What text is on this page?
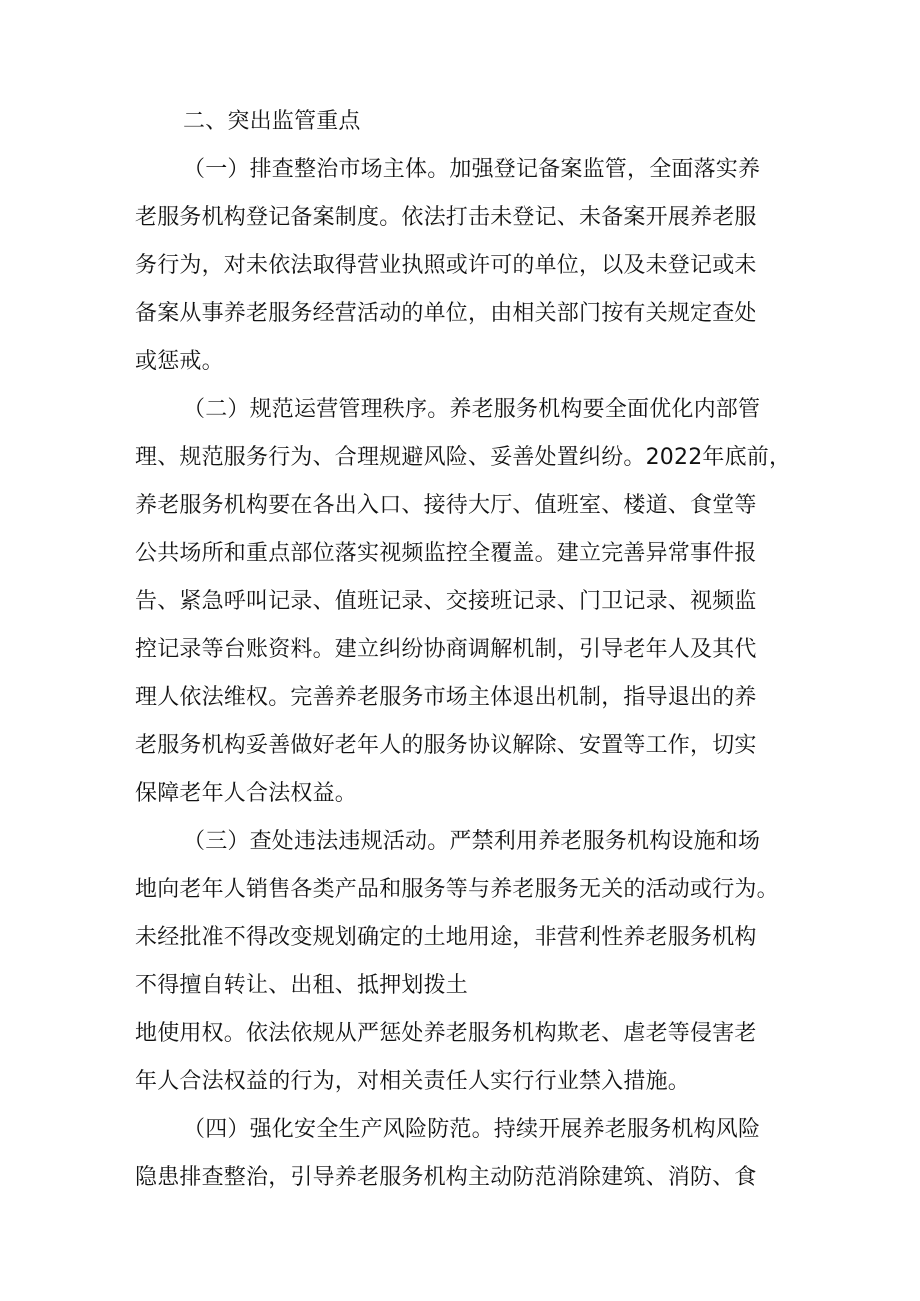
二、突出监管重点
（一）排查整治市场主体。加强登记备案监管，全面落实养
老服务机构登记备案制度。依法打击未登记、未备案开展养老服
务行为，对未依法取得营业执照或许可的单位，以及未登记或未
备案从事养老服务经营活动的单位，由相关部门按有关规定查处
或惩戒。
（二）规范运营管理秩序。养老服务机构要全面优化内部管
理、规范服务行为、合理规避风险、妥善处置纠纷。2022年底前，
养老服务机构要在各出入口、接待大厅、值班室、楼道、食堂等
公共场所和重点部位落实视频监控全覆盖。建立完善异常事件报
告、紧急呼叫记录、值班记录、交接班记录、门卫记录、视频监
控记录等台账资料。建立纠纷协商调解机制，引导老年人及其代
理人依法维权。完善养老服务市场主体退出机制，指导退出的养
老服务机构妥善做好老年人的服务协议解除、安置等工作，切实
保障老年人合法权益。
（三）查处违法违规活动。严禁利用养老服务机构设施和场
地向老年人销售各类产品和服务等与养老服务无关的活动或行为。
未经批准不得改变规划确定的土地用途，非营利性养老服务机构
不得擅自转让、出租、抵押划拨土
地使用权。依法依规从严惩处养老服务机构欺老、虐老等侵害老
年人合法权益的行为，对相关责任人实行行业禁入措施。
（四）强化安全生产风险防范。持续开展养老服务机构风险
隐患排查整治，引导养老服务机构主动防范消除建筑、消防、食
